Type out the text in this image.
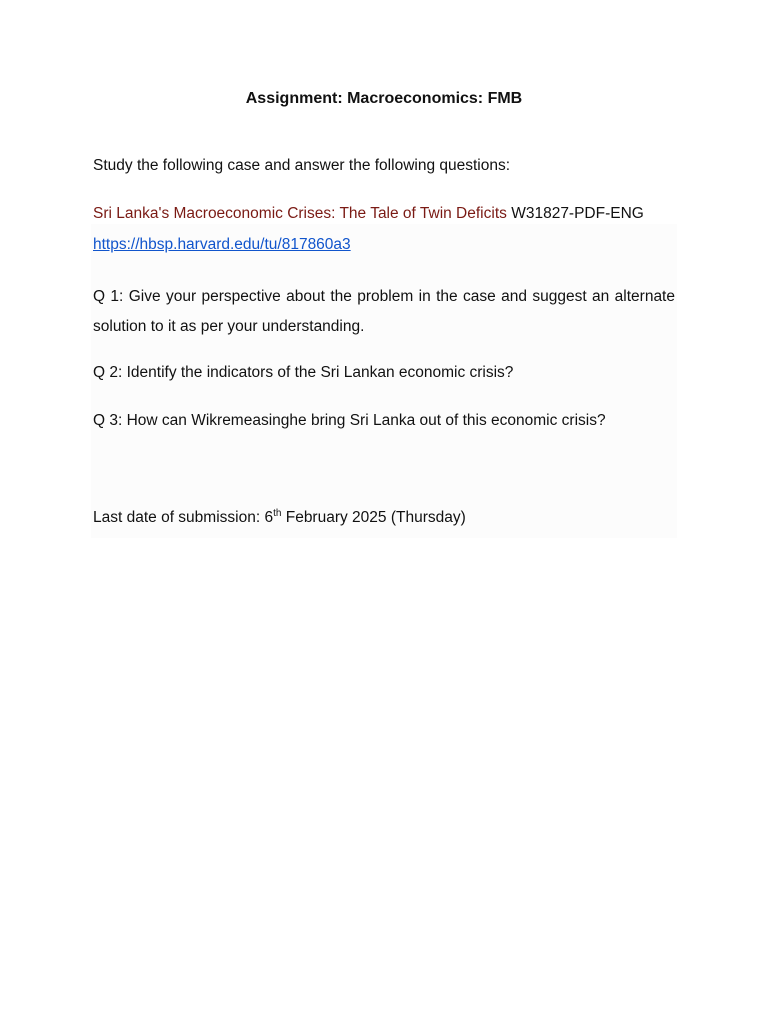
Assignment: Macroeconomics: FMB
Study the following case and answer the following questions:
Sri Lanka's Macroeconomic Crises: The Tale of Twin Deficits W31827-PDF-ENG
https://hbsp.harvard.edu/tu/817860a3
Q 1: Give your perspective about the problem in the case and suggest an alternate solution to it as per your understanding.
Q 2: Identify the indicators of the Sri Lankan economic crisis?
Q 3: How can Wikremeasinghe bring Sri Lanka out of this economic crisis?
Last date of submission: 6th February 2025 (Thursday)
